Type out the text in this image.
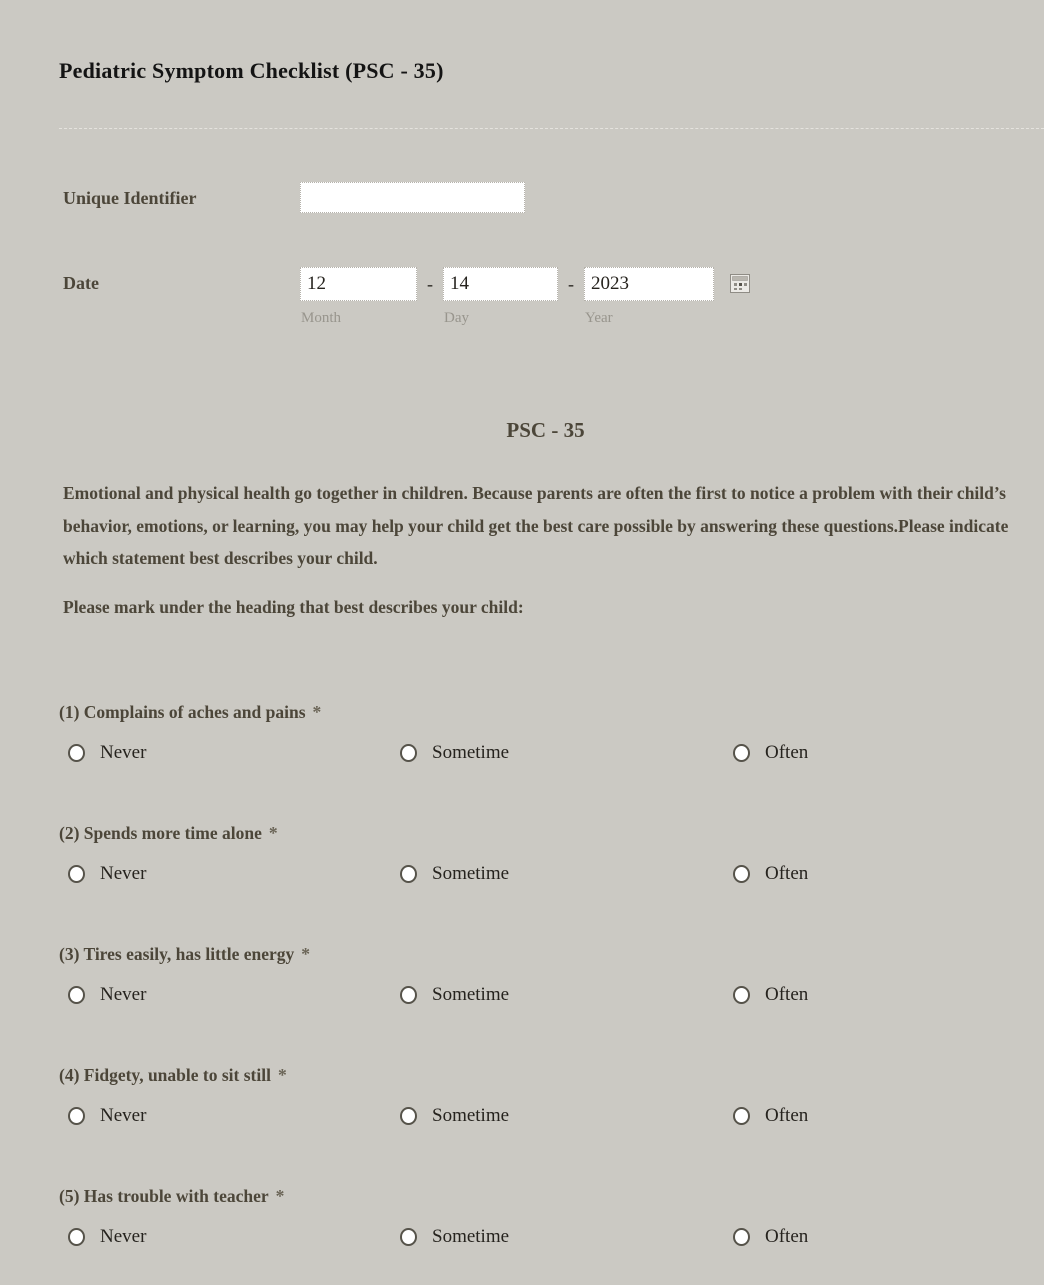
Pediatric Symptom Checklist (PSC - 35)
Unique Identifier
Date
12
Month
-
14
Day
-
2023
Year
PSC - 35

Emotional and physical health go together in children. Because parents are often the first to notice a problem with their child’s behavior, emotions, or learning, you may help your child get the best care possible by answering these questions.Please indicate which statement best describes your child.

Please mark under the heading that best describes your child:

(1) Complains of aches and pains *
Never	Sometime	Often
(2) Spends more time alone *
Never	Sometime	Often
(3) Tires easily, has little energy *
Never	Sometime	Often
(4) Fidgety, unable to sit still *
Never	Sometime	Often
(5) Has trouble with teacher *
Never	Sometime	Often
